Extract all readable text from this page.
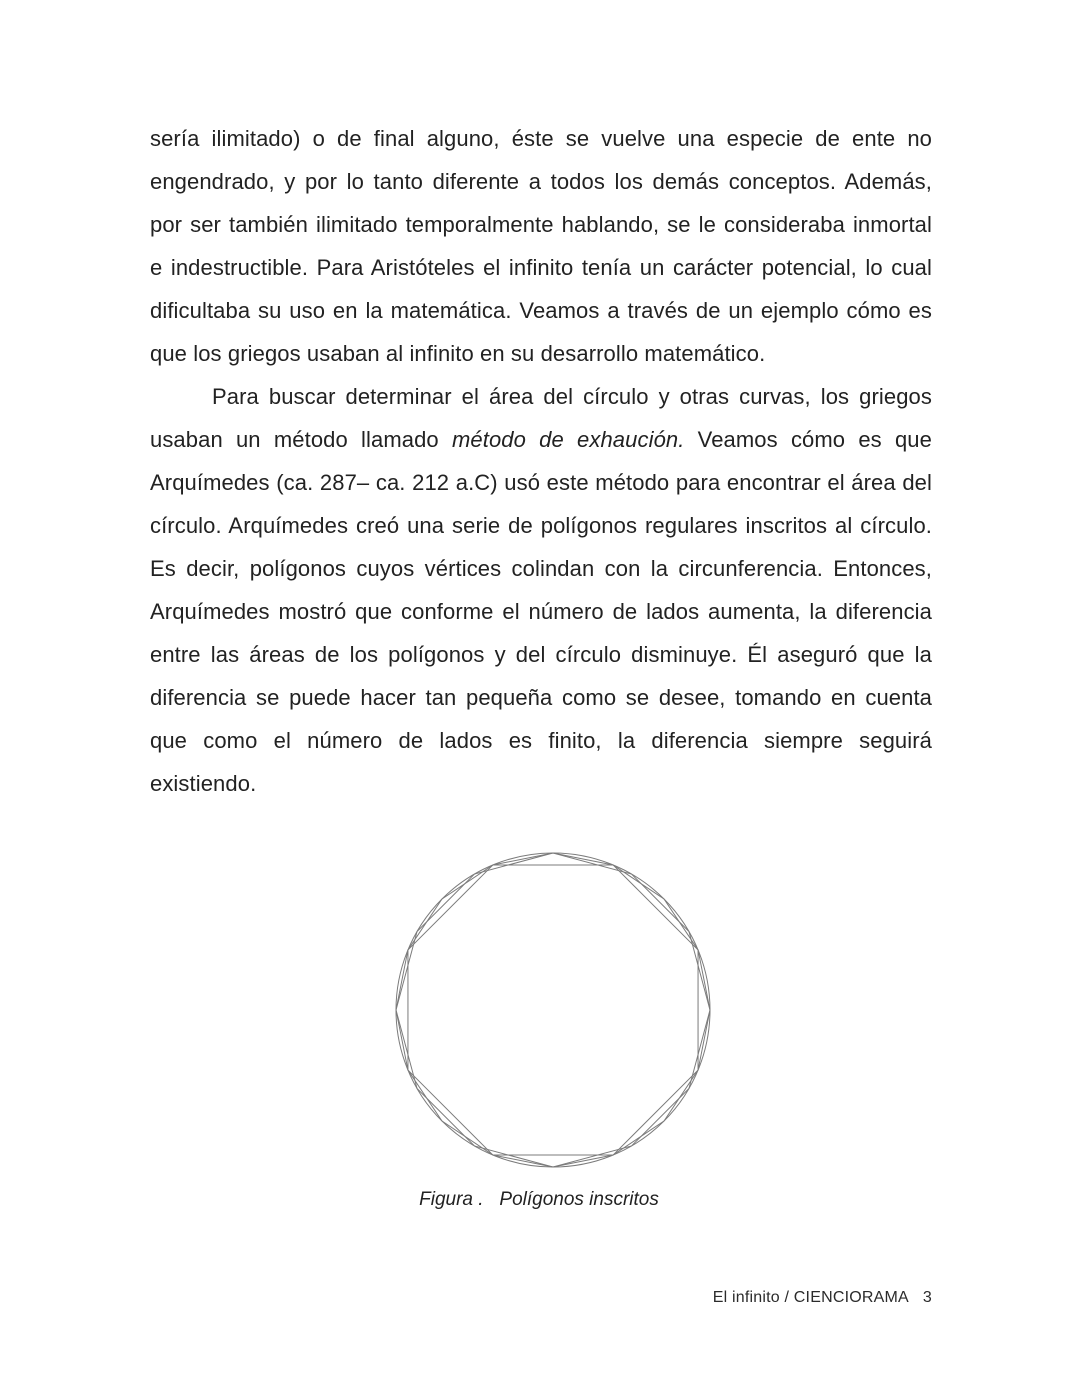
sería ilimitado) o de final alguno, éste se vuelve una especie de ente no engendrado, y por lo tanto diferente a todos los demás conceptos. Además, por ser también ilimitado temporalmente hablando, se le consideraba inmortal e indestructible. Para Aristóteles el infinito tenía un carácter potencial, lo cual dificultaba su uso en la matemática. Veamos a través de un ejemplo cómo es que los griegos usaban al infinito en su desarrollo matemático.

Para buscar determinar el área del círculo y otras curvas, los griegos usaban un método llamado método de exhaución. Veamos cómo es que Arquímedes (ca. 287– ca. 212 a.C) usó este método para encontrar el área del círculo. Arquímedes creó una serie de polígonos regulares inscritos al círculo. Es decir, polígonos cuyos vértices colindan con la circunferencia. Entonces, Arquímedes mostró que conforme el número de lados aumenta, la diferencia entre las áreas de los polígonos y del círculo disminuye. Él aseguró que la diferencia se puede hacer tan pequeña como se desee, tomando en cuenta que como el número de lados es finito, la diferencia siempre seguirá existiendo.

Figura .   Polígonos inscritos
El infinito / CIENCIORAMA 3
